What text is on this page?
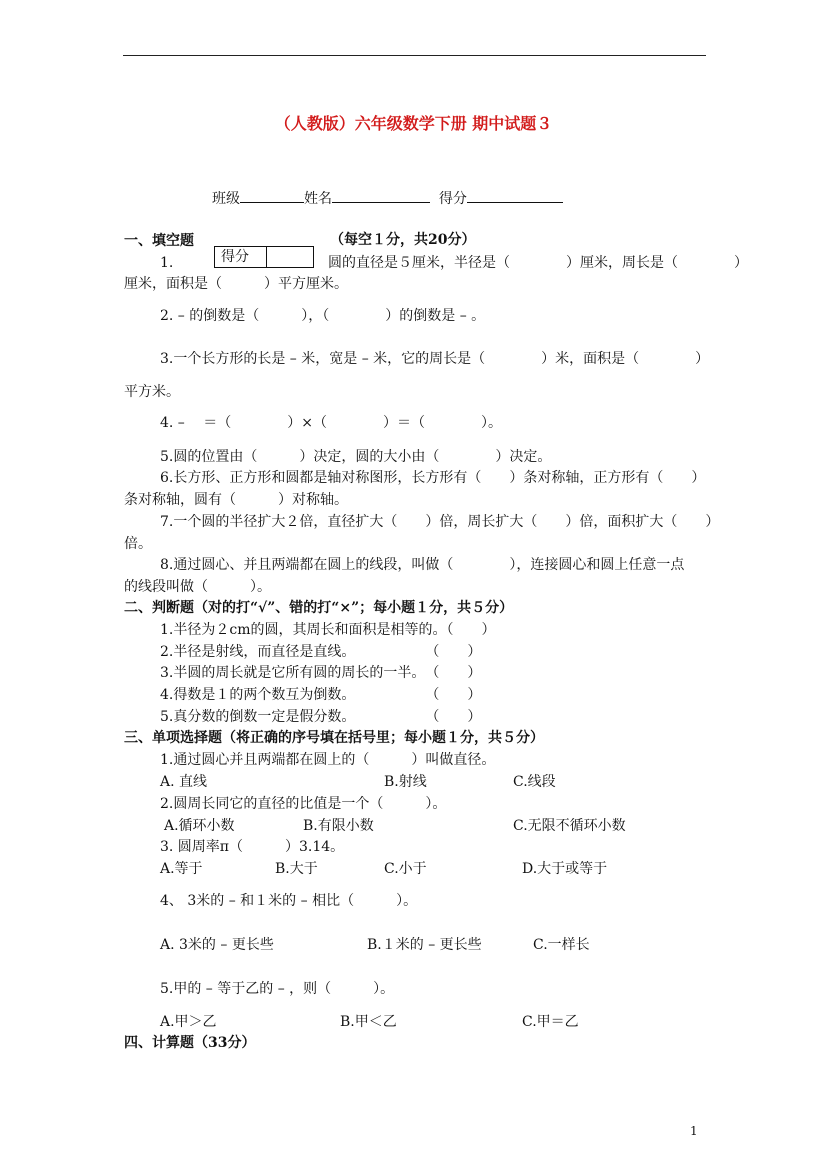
（人教版）六年级数学下册 期中试题３
班级	姓名	得分
一、填空题	（每空１分，共20分）
得分
1.	圆的直径是５厘米，半径是（　　　　）厘米，周长是（　　　　）
厘米，面积是（　　　）平方厘米。
2. – 的倒数是（　　　），（　　　　）的倒数是 – 。
3.一个长方形的长是 – 米，宽是 – 米，它的周长是（　　　　）米，面积是（　　　　）
平方米。
4. –　 ＝（　　　　）×（　　　　）＝（　　　　）。
5.圆的位置由（　　　）决定，圆的大小由（　　　　）决定。
6.长方形、正方形和圆都是轴对称图形，长方形有（　　）条对称轴，正方形有（　　）
条对称轴，圆有（　　　）对称轴。
7.一个圆的半径扩大２倍，直径扩大（　　）倍，周长扩大（　　）倍，面积扩大（　　）
倍。
8.通过圆心、并且两端都在圆上的线段，叫做（　　　　），连接圆心和圆上任意一点
的线段叫做（　　　）。
二、判断题（对的打“√”、错的打“×”；每小题１分，共５分）
1.半径为２cm的圆，其周长和面积是相等的。（　　）
2.半径是射线，而直径是直线。　　　　　　（　　）
3.半圆的周长就是它所有圆的周长的一半。　（　　）
4.得数是１的两个数互为倒数。　　　　　　（　　）
5.真分数的倒数一定是假分数。　　　　　　（　　）
三、单项选择题（将正确的序号填在括号里；每小题１分，共５分）
1.通过圆心并且两端都在圆上的（　　　）叫做直径。
A. 直线	B.射线	C.线段
2.圆周长同它的直径的比值是一个（　　　）。
A.循环小数	B.有限小数	C.无限不循环小数
3. 圆周率π（　　　）3.14。
A.等于	B.大于	C.小于	D.大于或等于
4、 3米的 – 和１米的 – 相比（　　　）。
A. 3米的 – 更长些	B.１米的 – 更长些	C.一样长
5.甲的 – 等于乙的 – ，则（　　　）。
A.甲＞乙	B.甲＜乙	C.甲＝乙
四、计算题（33分）
1
